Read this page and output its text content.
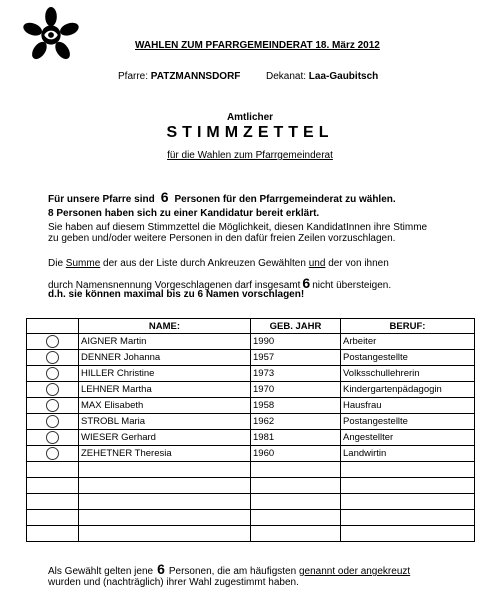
WAHLEN ZUM PFARRGEMEINDERAT 18. März 2012
Pfarre: PATZMANNSDORF	Dekanat: Laa-Gaubitsch
Amtlicher
STIMMZETTEL
für die Wahlen zum Pfarrgemeinderat
Für unsere Pfarre sind 6 Personen für den Pfarrgemeinderat zu wählen.
8 Personen haben sich zu einer Kandidatur bereit erklärt.
Sie haben auf diesem Stimmzettel die Möglichkeit, diesen KandidatInnen ihre Stimme zu geben und/oder weitere Personen in den dafür freien Zeilen vorzuschlagen.
Die Summe der aus der Liste durch Ankreuzen Gewählten und der von ihnen
durch Namensnennung Vorgeschlagenen darf insgesamt 6 nicht übersteigen.
d.h. sie können maximal bis zu 6 Namen vorschlagen!
	NAME:	GEB. JAHR	BERUF:
	AIGNER Martin	1990	Arbeiter
	DENNER Johanna	1957	Postangestellte
	HILLER Christine	1973	Volksschullehrerin
	LEHNER Martha	1970	Kindergartenpädagogin
	MAX Elisabeth	1958	Hausfrau
	STROBL Maria	1962	Postangestellte
	WIESER Gerhard	1981	Angestellter
	ZEHETNER Theresia	1960	Landwirtin

Als Gewählt gelten jene 6 Personen, die am häufigsten genannt oder angekreuzt
wurden und (nachträglich) ihrer Wahl zugestimmt haben.
